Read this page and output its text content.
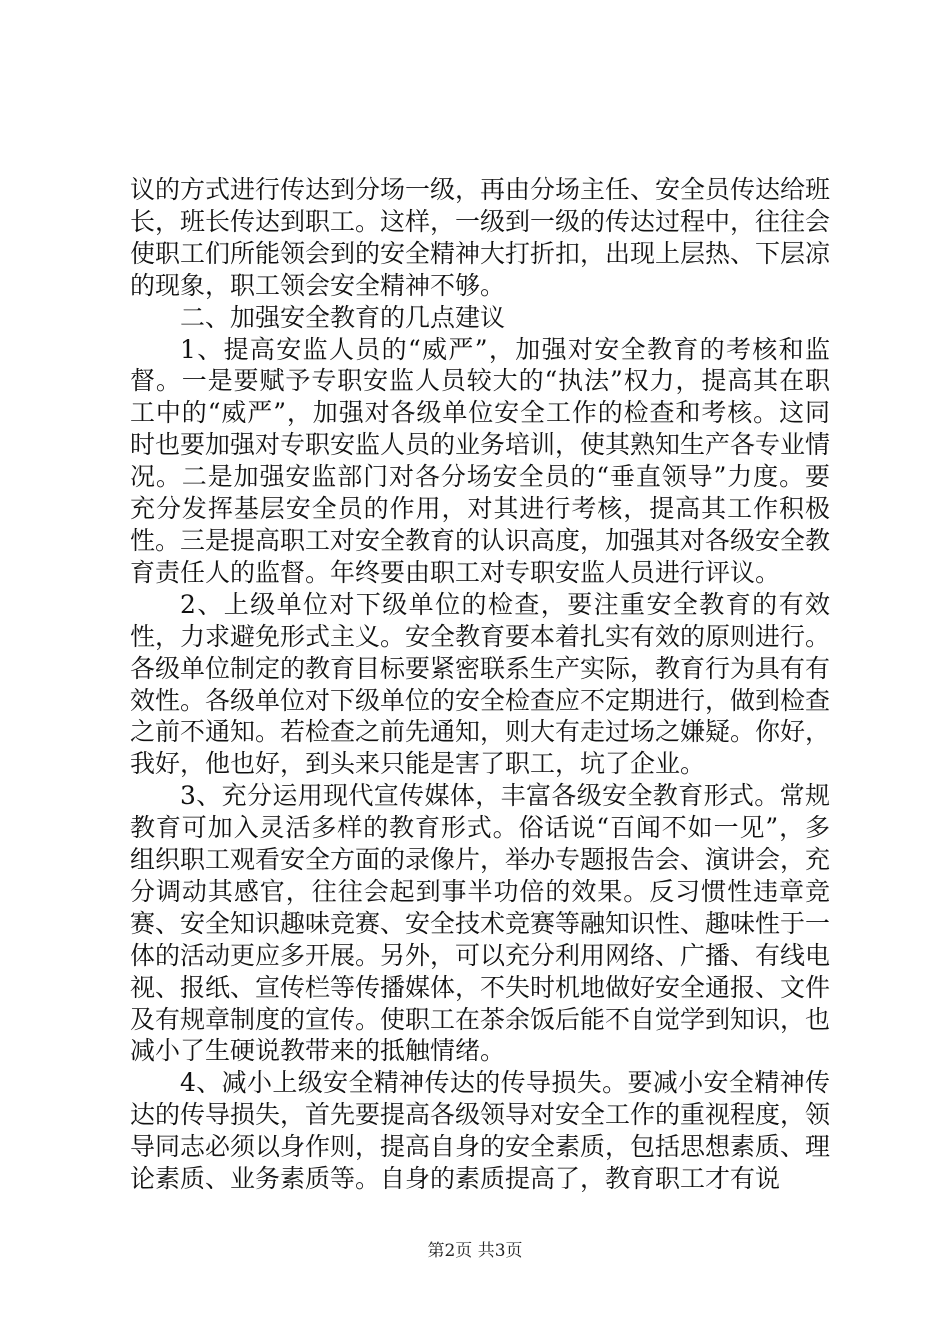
议的方式进行传达到分场一级，再由分场主任、安全员传达给班长，班长传达到职工。这样，一级到一级的传达过程中，往往会使职工们所能领会到的安全精神大打折扣，出现上层热、下层凉的现象，职工领会安全精神不够。

二、加强安全教育的几点建议

1、提高安监人员的“威严”，加强对安全教育的考核和监督。一是要赋予专职安监人员较大的“执法”权力，提高其在职工中的“威严”，加强对各级单位安全工作的检查和考核。这同时也要加强对专职安监人员的业务培训，使其熟知生产各专业情况。二是加强安监部门对各分场安全员的“垂直领导”力度。要充分发挥基层安全员的作用，对其进行考核，提高其工作积极性。三是提高职工对安全教育的认识高度，加强其对各级安全教育责任人的监督。年终要由职工对专职安监人员进行评议。

2、上级单位对下级单位的检查，要注重安全教育的有效性，力求避免形式主义。安全教育要本着扎实有效的原则进行。各级单位制定的教育目标要紧密联系生产实际，教育行为具有有效性。各级单位对下级单位的安全检查应不定期进行，做到检查之前不通知。若检查之前先通知，则大有走过场之嫌疑。你好，我好，他也好，到头来只能是害了职工，坑了企业。

3、充分运用现代宣传媒体，丰富各级安全教育形式。常规教育可加入灵活多样的教育形式。俗话说“百闻不如一见”，多组织职工观看安全方面的录像片，举办专题报告会、演讲会，充分调动其感官，往往会起到事半功倍的效果。反习惯性违章竞赛、安全知识趣味竞赛、安全技术竞赛等融知识性、趣味性于一体的活动更应多开展。另外，可以充分利用网络、广播、有线电视、报纸、宣传栏等传播媒体，不失时机地做好安全通报、文件及有规章制度的宣传。使职工在茶余饭后能不自觉学到知识，也减小了生硬说教带来的抵触情绪。

4、减小上级安全精神传达的传导损失。要减小安全精神传达的传导损失，首先要提高各级领导对安全工作的重视程度，领导同志必须以身作则，提高自身的安全素质，包括思想素质、理论素质、业务素质等。自身的素质提高了，教育职工才有说

第2页 共3页
